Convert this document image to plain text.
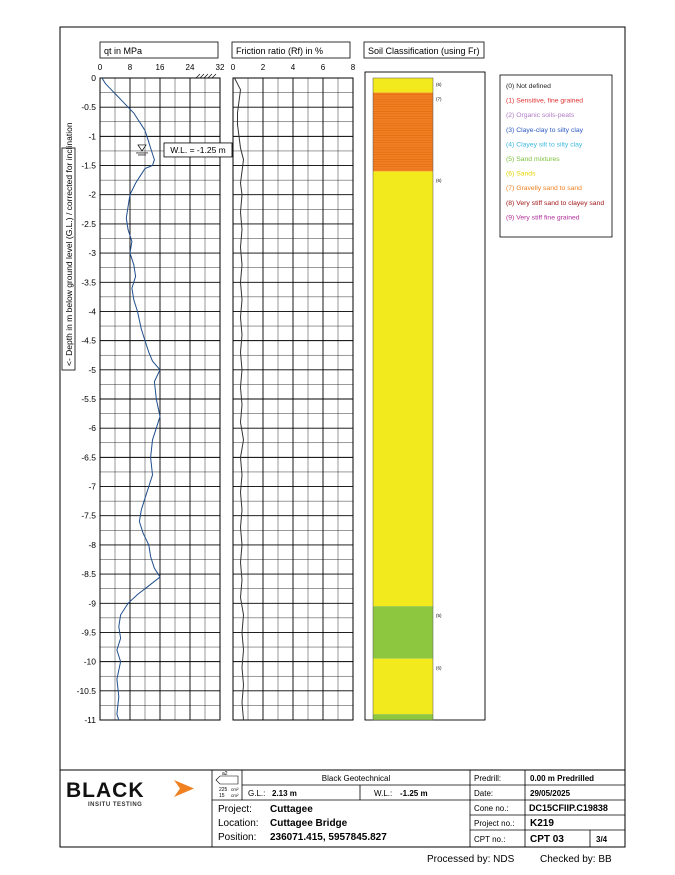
qt in MPa	Friction ratio (Rf) in %	Soil Classification (using Fr)
<- Depth in m below ground level (G.L.) / corrected for inclination
0	8	16	24	32
W.L. = -1.25 m
0	2	4	6	8
(6)
(7)
(6)
(5)
(6)
0
-0.5
-1
-1.5
-2
-2.5
-3
-3.5
-4
-4.5
-5
-5.5
-6
-6.5
-7
-7.5
-8
-8.5
-9
-9.5
-10
-10.5
-11
(0) Not defined
(1) Sensitive, fine grained
(2) Organic soils-peats
(3) Claye-clay to silty clay
(4) Clayey silt to silty clay
(5) Sand mixtures
(6) Sands
(7) Gravelly sand to sand
(8) Very stiff sand to clayey sand
(9) Very stiff fine grained
BLACK
INSITU TESTING
a2
225 cm²
15 cm²
Black Geotechnical
G.L.: 2.13 m	W.L.: -1.25 m
Project: Cuttagee
Location: Cuttagee Bridge
Position: 236071.415, 5957845.827
Predrill:	0.00 m Predrilled
Date:	29/05/2025
Cone no.: DC15CFIIP.C19838
Project no.: K219
CPT no.: CPT 03	3/4
Processed by: NDS	Checked by: BB
